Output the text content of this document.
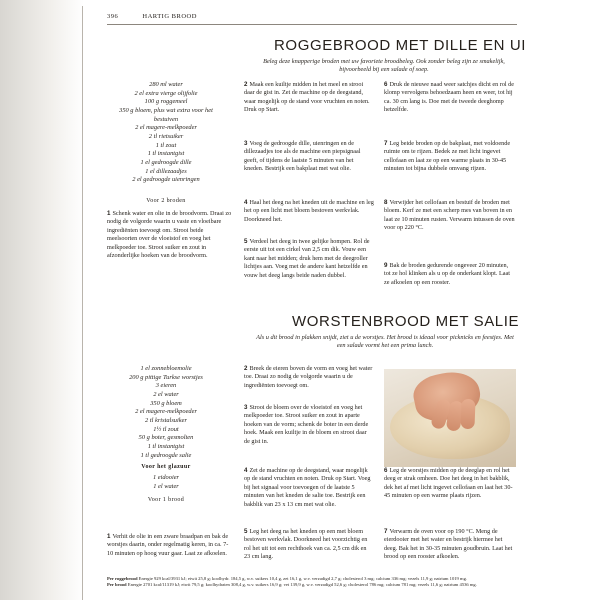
396	HARTIG BROOD
ROGGEBROOD MET DILLE EN UI
Beleg deze knapperige broden met uw favoriete broodbeleg. Ook zonder beleg zijn ze smakelijk, bijvoorbeeld bij een salade of soep.
280 ml water
2 el extra vierge olijfolie
100 g roggemeel
350 g bloem, plus wat extra voor het
bestuiven
2 el magere-melkpoeder
2 tl rietsuiker
1 tl zout
1 tl instantgist
1 el gedroogde dille
1 el dillezaadjes
2 el gedroogde uienringen
Voor 2 broden
1 Schenk water en olie in de broodvorm. Draai zo nodig de volgorde waarin u vaste en vloeibare ingrediënten toevoegt om. Strooi beide meelsoorten over de vloeistof en voeg het melkpoeder toe. Strooi suiker en zout in afzonderlijke hoeken van de broodvorm.
2 Maak een kuiltje midden in het meel en strooi daar de gist in. Zet de machine op de deegstand, waar mogelijk op de stand voor vruchten en noten. Druk op Start.
3 Voeg de gedroogde dille, uienringen en de dillezaadjes toe als de machine een piepsignaal geeft, of tijdens de laatste 5 minuten van het kneden. Bestrijk een bakplaat met wat olie.
4 Haal het deeg na het kneden uit de machine en leg het op een licht met bloem bestoven werkvlak. Doorkneed het.
5 Verdeel het deeg in twee gelijke hompen. Rol de eerste uit tot een cirkel van 2,5 cm dik. Vouw een kant naar het midden; druk hem met de deegroller lichtjes aan. Voeg met de andere kant hetzelfde en vouw het deeg langs beide naden dubbel.
6 Druk de nieuwe naad weer satchjes dicht en rol de klomp vervolgens behoedzaam heen en weer, tot hij ca. 30 cm lang is. Doe met de tweede deeghomp hetzelfde.
7 Leg beide broden op de bakplaat, met voldoende ruimte om te rijzen. Bedek ze met licht ingevet cellofaan en laat ze op een warme plaats in 30-45 minuten tot bijna dubbele omvang rijzen.
8 Verwijder het cellofaan en bestuif de broden met bloem. Kerf ze met een scherp mes van boven in en laat ze 10 minuten rusten. Verwarm intussen de oven voor op 220 °C.
9 Bak de broden gedurende ongeveer 20 minuten, tot ze hol klinken als u op de onderkant klopt. Laat ze afkoelen op een rooster.
WORSTENBROOD MET SALIE
Als u dit brood in plakken snijdt, ziet u de worstjes. Het brood is ideaal voor picknicks en feestjes. Met een salade vormt het een prima lunch.
1 el zonnebloemolie
200 g pittige Turkse worstjes
3 eieren
2 el water
350 g bloem
2 el magere-melkpoeder
2 tl kristalsuiker
1½ tl zout
50 g boter, gesmolten
1 tl instantgist
1 tl gedroogde salie
Voor het glazuur
1 eidooier
1 el water
Voor 1 brood
1 Verhit de olie in een zware braadpan en bak de worstjes daarin, onder regelmatig keren, in ca. 7-10 minuten op hoog vuur gaar. Laat ze afkoelen.
2 Breek de eieren boven de vorm en voeg het water toe. Draai zo nodig de volgorde waarin u de ingrediënten toevoegt om.
3 Strooi de bloem over de vloeistof en voeg het melkpoeder toe. Strooi suiker en zout in aparte hoeken van de vorm; schenk de boter in een derde hoek. Maak een kuiltje in de bloem en strooi daar de gist in.
4 Zet de machine op de deegstand, waar mogelijk op de stand vruchten en noten. Druk op Start. Voeg bij het signaal voor toevoegen of de laatste 5 minuten van het kneden de salie toe. Bestrijk een bakblik van 23 x 13 cm met wat olie.
5 Leg het deeg na het kneden op een met bloem bestoven werkvlak. Doorkneed het voorzichtig en rol het uit tot een rechthoek van ca. 2,5 cm dik en 23 cm lang.
6 Leg de worstjes midden op de deeglap en rol het deeg er strak omheen. Doe het deeg in het bakblik, dek het af met licht ingevet cellofaan en laat het 30-45 minuten op een warme plaats rijzen.
7 Verwarm de oven voor op 190 °C. Meng de eierdooier met het water en bestrijk hiermee het deeg. Bak het in 30-35 minuten goudbruin. Laat het brood op een rooster afkoelen.
Per roggebrood Energie 929 kcal/3931 kJ; eiwit 25,8 g; koolhydr. 184,5 g, w.v. suikers 10,4 g, zet 16,1 g, w.v. verzadigd 2,7 g; cholesterol 3 mg; calcium 336 mg; vezels 11,9 g; natrium 1019 mg.
Per brood Energie 2701 kcal/11319 kJ; eiwit 79,5 g; koolhydraten 308,4 g, w.v. suikers 16,9 g; vet 139,9 g, w.v. verzadigd 52,6 g; cholesterol 786 mg; calcium 781 mg; vezels 11,6 g; natrium 4536 mg.
